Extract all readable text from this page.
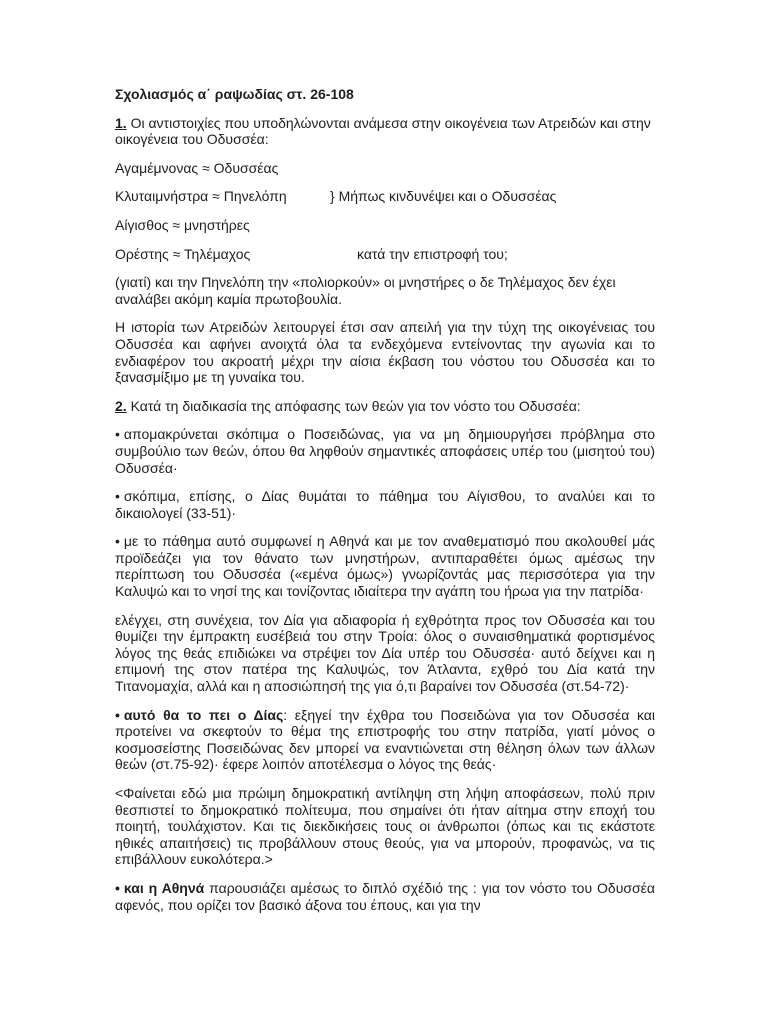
Σχολιασμός α΄ ραψωδίας στ. 26-108

1. Οι αντιστοιχίες που υποδηλώνονται ανάμεσα στην οικογένεια των Ατρειδών και στην οικογένεια του Οδυσσέα:

Αγαμέμνονας ≈ Οδυσσέας

Κλυταιμνήστρα ≈ Πηνελόπη	} Μήπως κινδυνέψει και ο Οδυσσέας

Αίγισθος ≈ μνηστήρες

Ορέστης ≈ Τηλέμαχος	κατά την επιστροφή του;

(γιατί) και την Πηνελόπη την «πολιορκούν» οι μνηστήρες ο δε Τηλέμαχος δεν έχει αναλάβει ακόμη καμία πρωτοβουλία.

Η ιστορία των Ατρειδών λειτουργεί έτσι σαν απειλή για την τύχη της οικογένειας του Οδυσσέα και αφήνει ανοιχτά όλα τα ενδεχόμενα εντείνοντας την αγωνία και το ενδιαφέρον του ακροατή μέχρι την αίσια έκβαση του νόστου του Οδυσσέα και το ξανασμίξιμο με τη γυναίκα του.

2. Κατά τη διαδικασία της απόφασης των θεών για τον νόστο του Οδυσσέα:

• απομακρύνεται σκόπιμα ο Ποσειδώνας, για να μη δημιουργήσει πρόβλημα στο συμβούλιο των θεών, όπου θα ληφθούν σημαντικές αποφάσεις υπέρ του (μισητού του) Οδυσσέα·

• σκόπιμα, επίσης, ο Δίας θυμάται το πάθημα του Αίγισθου, το αναλύει και το δικαιολογεί (33-51)·

• με το πάθημα αυτό συμφωνεί η Αθηνά και με τον αναθεματισμό που ακολουθεί μάς προϊδεάζει για τον θάνατο των μνηστήρων, αντιπαραθέτει όμως αμέσως την περίπτωση του Οδυσσέα («εμένα όμως») γνωρίζοντάς μας περισσότερα για την Καλυψώ και το νησί της και τονίζοντας ιδιαίτερα την αγάπη του ήρωα για την πατρίδα·

ελέγχει, στη συνέχεια, τον Δία για αδιαφορία ή εχθρότητα προς τον Οδυσσέα και του θυμίζει την έμπρακτη ευσέβειά του στην Τροία: όλος ο συναισθηματικά φορτισμένος λόγος της θεάς επιδιώκει να στρέψει τον Δία υπέρ του Οδυσσέα· αυτό δείχνει και η επιμονή της στον πατέρα της Καλυψώς, τον Άτλαντα, εχθρό του Δία κατά την Τιτανομαχία, αλλά και η αποσιώπησή της για ό,τι βαραίνει τον Οδυσσέα (στ.54-72)·

• αυτό θα το πει ο Δίας: εξηγεί την έχθρα του Ποσειδώνα για τον Οδυσσέα και προτείνει να σκεφτούν το θέμα της επιστροφής του στην πατρίδα, γιατί μόνος ο κοσμοσείστης Ποσειδώνας δεν μπορεί να εναντιώνεται στη θέληση όλων των άλλων θεών (στ.75-92)· έφερε λοιπόν αποτέλεσμα ο λόγος της θεάς·

<Φαίνεται εδώ μια πρώιμη δημοκρατική αντίληψη στη λήψη αποφάσεων, πολύ πριν θεσπιστεί το δημοκρατικό πολίτευμα, που σημαίνει ότι ήταν αίτημα στην εποχή του ποιητή, τουλάχιστον. Και τις διεκδικήσεις τους οι άνθρωποι (όπως και τις εκάστοτε ηθικές απαιτήσεις) τις προβάλλουν στους θεούς, για να μπορούν, προφανώς, να τις επιβάλλουν ευκολότερα.>

• και η Αθηνά παρουσιάζει αμέσως το διπλό σχέδιό της : για τον νόστο του Οδυσσέα αφενός, που ορίζει τον βασικό άξονα του έπους, και για την
